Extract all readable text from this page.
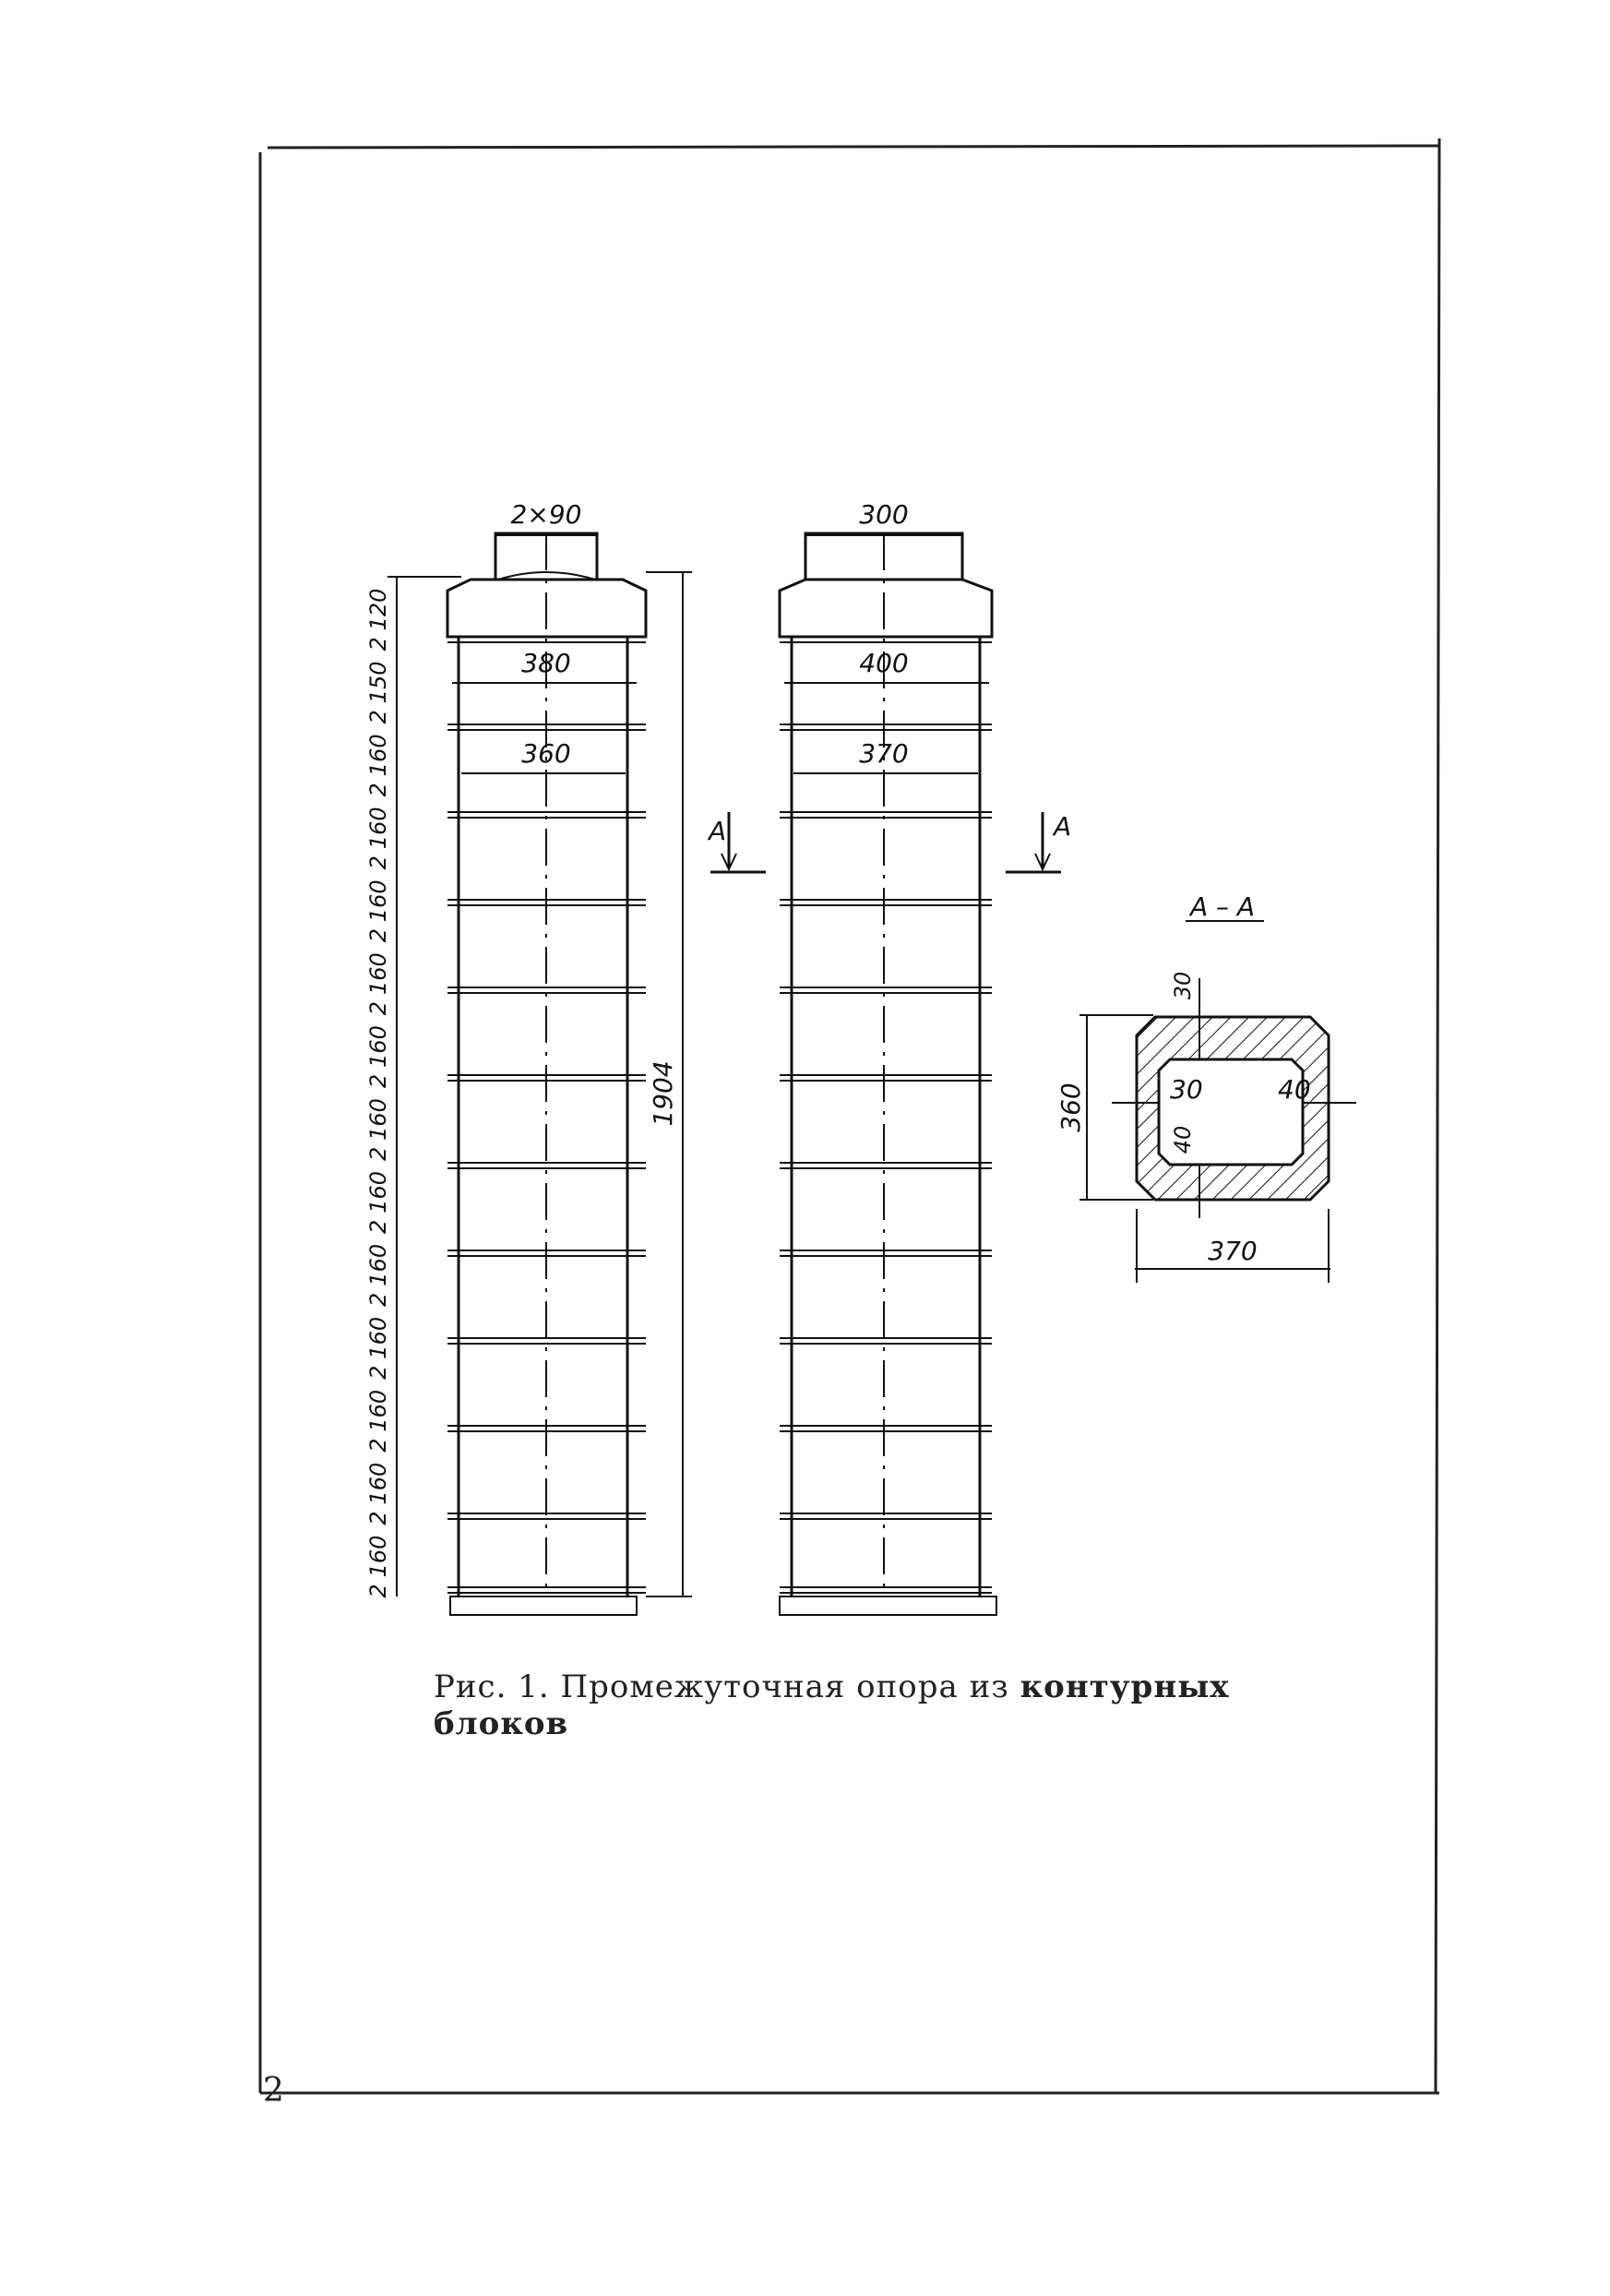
2×90
380
360
1904
120
2
150
2
160
2
160
2
160
2
160
2
160
2
160
2
160
2
160
2
160
2
160
2
160
2
160
2
300
400
370
A	A
А – А
30
30	40
40
360
370
Рис. 1. Промежуточная опора из контурных блоков
2
